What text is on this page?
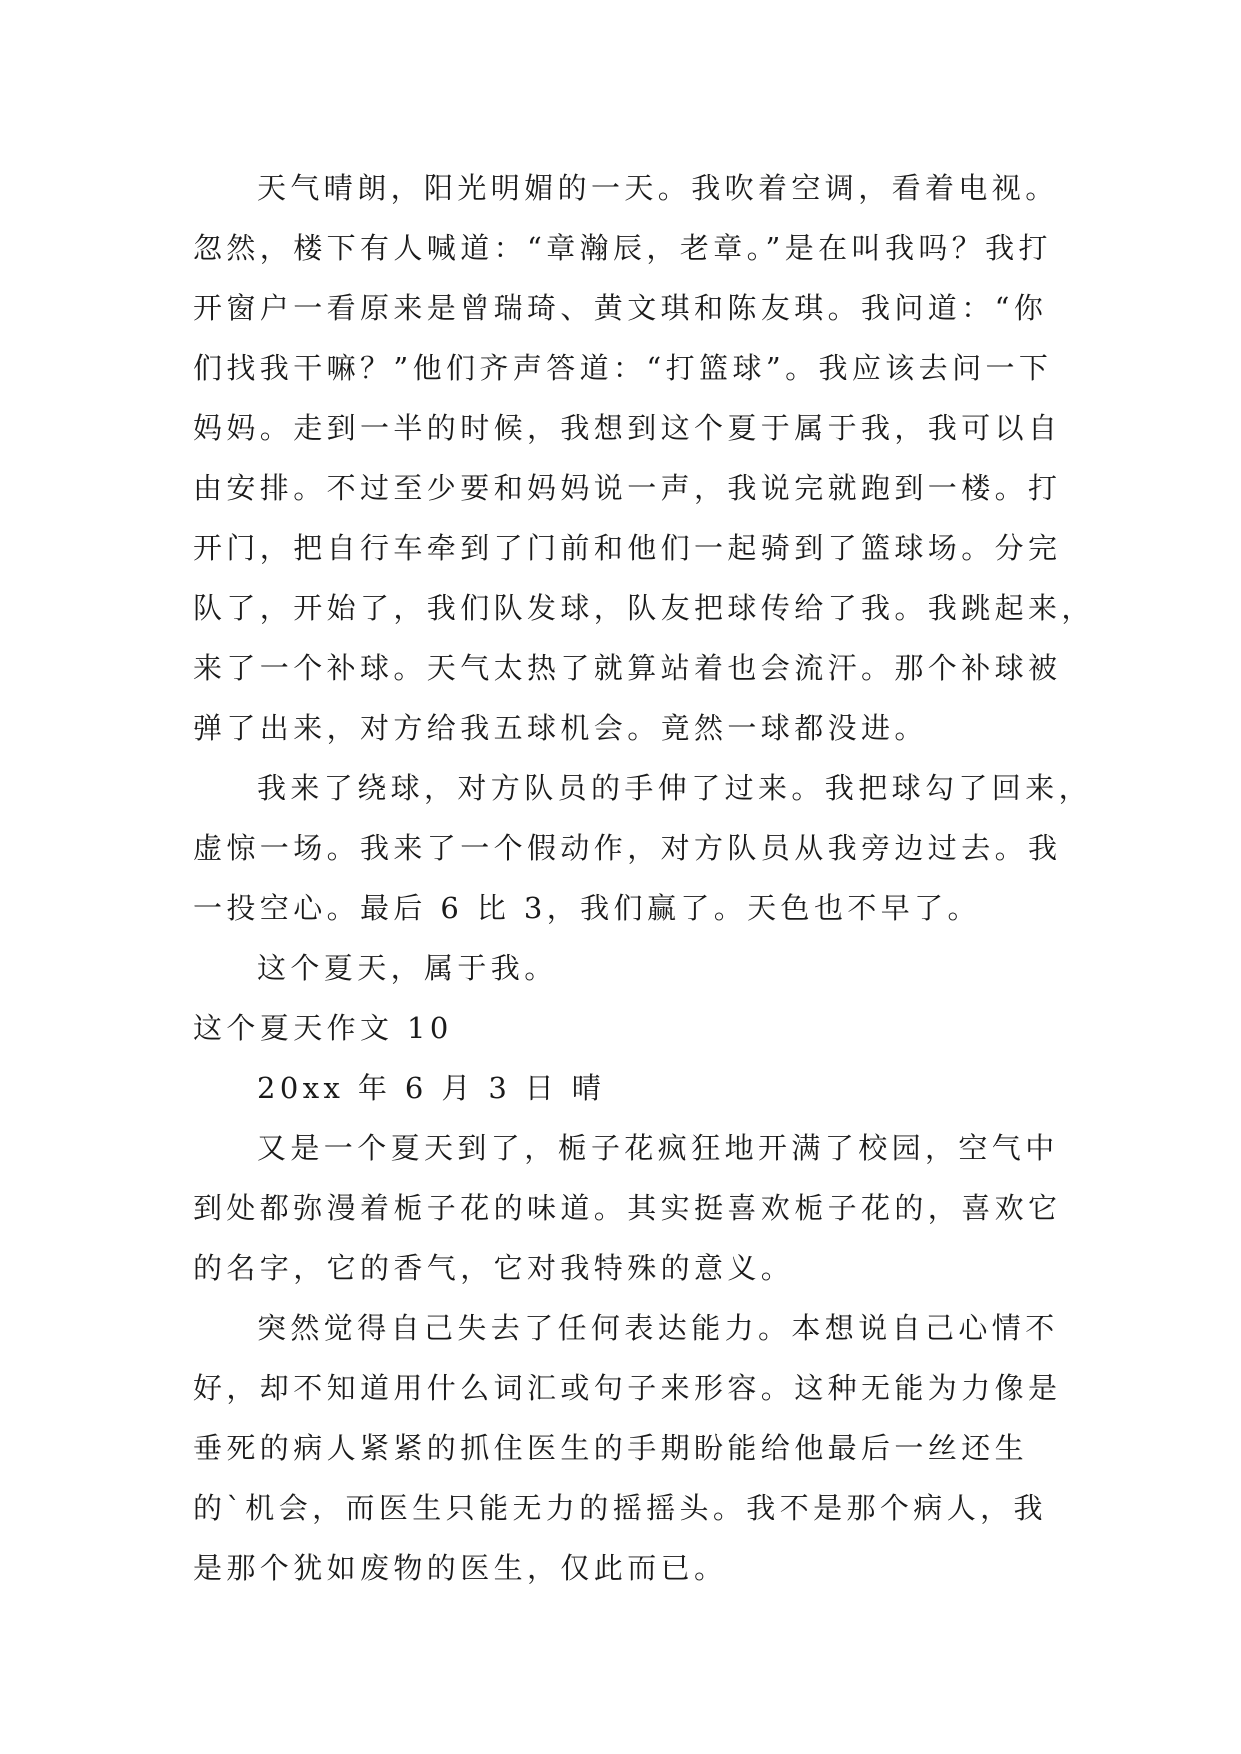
天气晴朗，阳光明媚的一天。我吹着空调，看着电视。
忽然，楼下有人喊道：“章瀚辰，老章。”是在叫我吗？我打
开窗户一看原来是曾瑞琦、黄文琪和陈友琪。我问道：“你
们找我干嘛？”他们齐声答道：“打篮球”。我应该去问一下
妈妈。走到一半的时候，我想到这个夏于属于我，我可以自
由安排。不过至少要和妈妈说一声，我说完就跑到一楼。打
开门，把自行车牵到了门前和他们一起骑到了篮球场。分完
队了，开始了，我们队发球，队友把球传给了我。我跳起来，
来了一个补球。天气太热了就算站着也会流汗。那个补球被
弹了出来，对方给我五球机会。竟然一球都没进。
我来了绕球，对方队员的手伸了过来。我把球勾了回来，
虚惊一场。我来了一个假动作，对方队员从我旁边过去。我
一投空心。最后 6 比 3，我们赢了。天色也不早了。
这个夏天，属于我。
这个夏天作文 10
20xx 年 6 月 3 日 晴
又是一个夏天到了，栀子花疯狂地开满了校园，空气中
到处都弥漫着栀子花的味道。其实挺喜欢栀子花的，喜欢它
的名字，它的香气，它对我特殊的意义。
突然觉得自己失去了任何表达能力。本想说自己心情不
好，却不知道用什么词汇或句子来形容。这种无能为力像是
垂死的病人紧紧的抓住医生的手期盼能给他最后一丝还生
的`机会，而医生只能无力的摇摇头。我不是那个病人，我
是那个犹如废物的医生，仅此而已。
